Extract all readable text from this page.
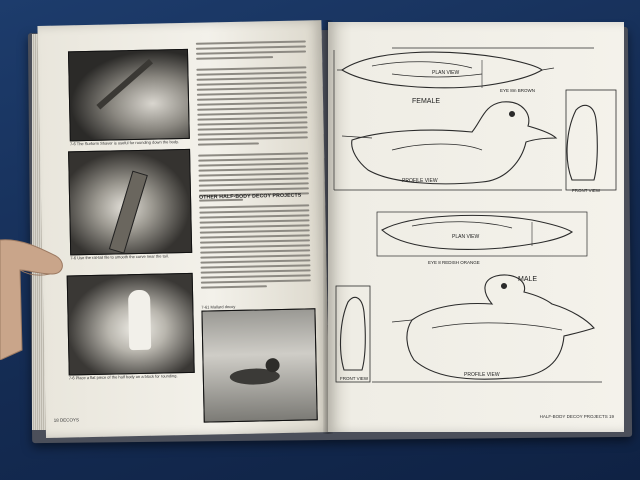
7-6 The Surform Shaver is useful for rounding down the body.
7-6 Use the rat-tail file to smooth the curve near the tail.
7-6 Place a flat piece of the half body on a block for rounding.
OTHER HALF-BODY DECOY PROJECTS
7-61 Mallard decoy
18 DECOYS
HALF-BODY DECOY PROJECTS 19
PLAN VIEW
FEMALE
EYE 8m BROWN
PROFILE VIEW
FRONT VIEW
PLAN VIEW
EYE 8 REDISH ORANGE
MALE
FRONT VIEW
PROFILE VIEW
